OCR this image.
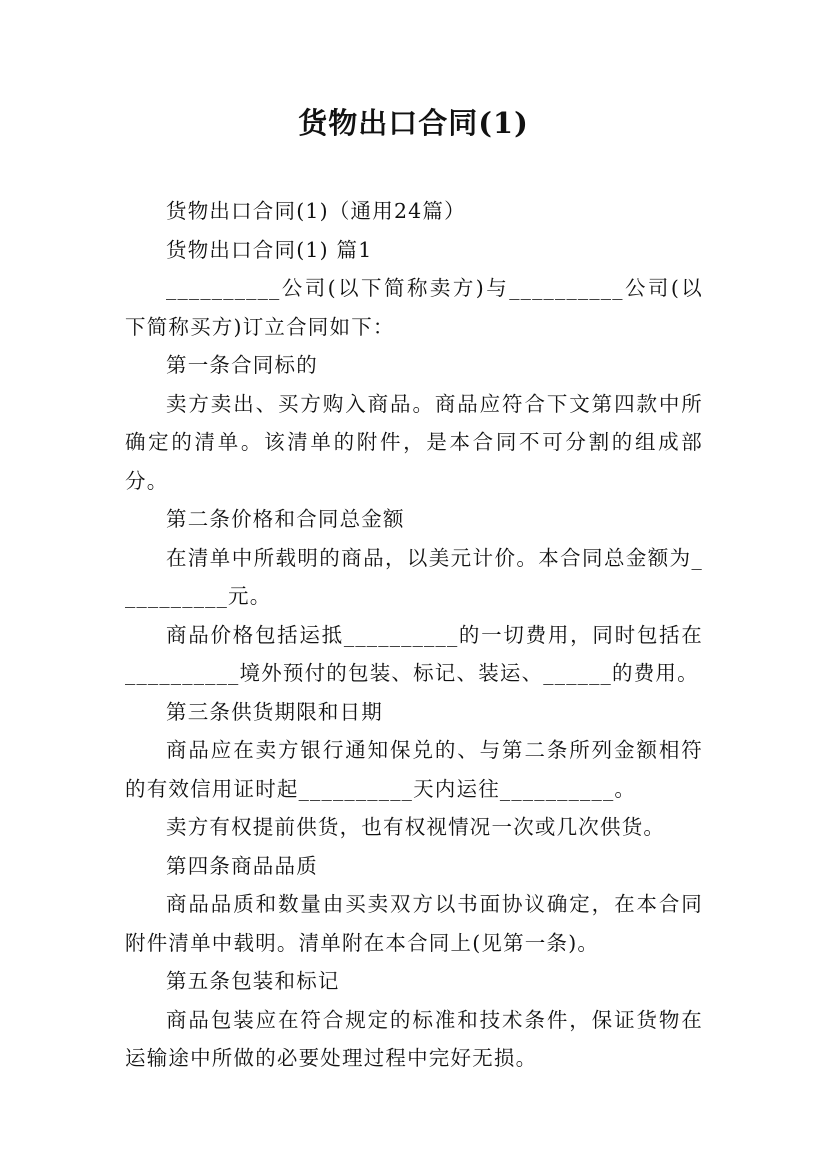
货物出口合同(1)

货物出口合同(1)（通用24篇）

货物出口合同(1) 篇1

__________公司(以下简称卖方)与__________公司(以下简称买方)订立合同如下：

第一条合同标的

卖方卖出、买方购入商品。商品应符合下文第四款中所确定的清单。该清单的附件，是本合同不可分割的组成部分。

第二条价格和合同总金额

在清单中所载明的商品，以美元计价。本合同总金额为__________元。

商品价格包括运抵__________的一切费用，同时包括在__________境外预付的包装、标记、装运、______的费用。

第三条供货期限和日期

商品应在卖方银行通知保兑的、与第二条所列金额相符的有效信用证时起__________天内运往__________。

卖方有权提前供货，也有权视情况一次或几次供货。

第四条商品品质

商品品质和数量由买卖双方以书面协议确定，在本合同附件清单中载明。清单附在本合同上(见第一条)。

第五条包装和标记

商品包装应在符合规定的标准和技术条件，保证货物在运输途中所做的必要处理过程中完好无损。
